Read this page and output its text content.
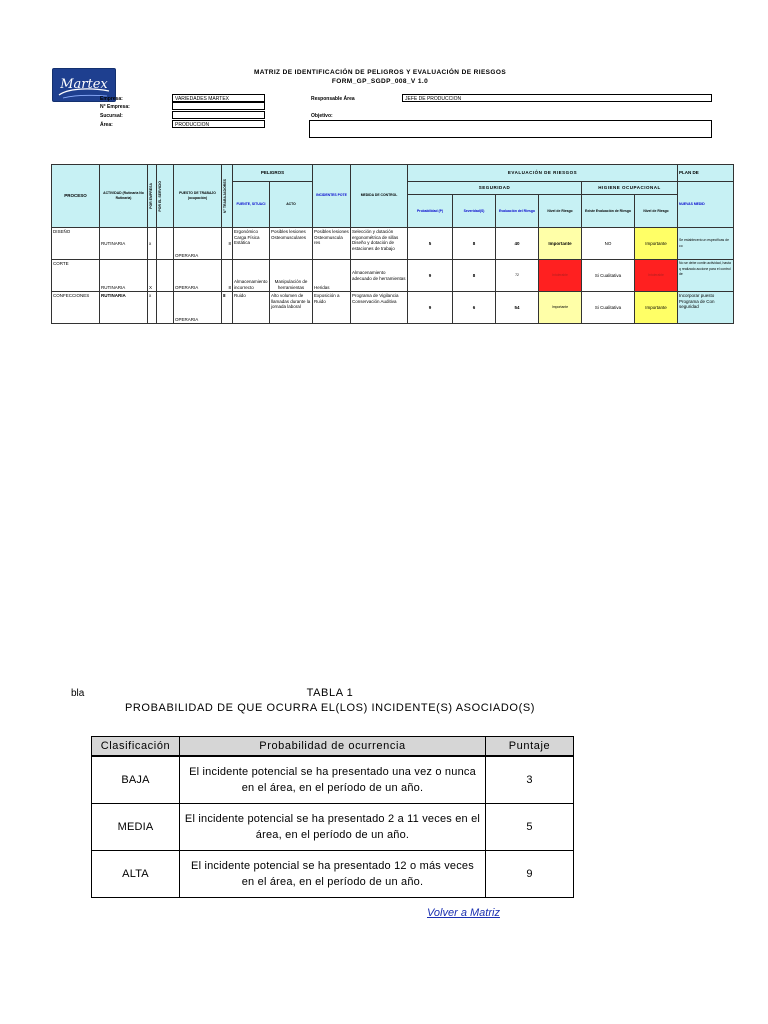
Martex
MATRIZ DE IDENTIFICACIÓN DE PELIGROS Y EVALUACIÓN DE RIESGOS
FORM_GP_SGDP_008_V 1.0
Empresa:	VARIEDADES MARTEX
N° Empresa:
Sucursal:
Área:	PRODUCCION
Responsable Área	JEFE DE PRODUCCION
Objetivo:
PROCESO	ACTIVIDAD (Rutinaria No Rutinaria)	POR EMPRESA	POR EL SERVICIO	PUESTO DE TRABAJO (ocupación)	N° TRABAJADORES	PELIGROS		INCIDENTES POTE	MEDIDA DE CONTROL	EVALUACIÓN DE RIESGOS						PLAN DE
						FUENTE, SITUACI	ACTO			SEGURIDAD				HIGIENE OCUPACIONAL		NUEVAS MEDID
										Probabilidad (P)	Severidad(S)	Evaluación del Riesgo	Nivel de Riesgo	Existe Evaluación de Riesgo	Nivel de Riesgo	
DISEÑO	RUTINARIA	x		OPERARIA	8	Ergonómico Carga Física Estática	Posibles lesiones Osteomusculares	Posibles lesiones Osteomuscula res	Selección y dotación ergonométrica de sillas Diseño y dotación de estaciones de trabajo	5	8	40	Importante	NO	Importante	Se establecerá un específicas de co
CORTE	RUTINARIA	X		OPERARIA	8	Almacenamiento incorrecto	Manipulación de herramientas	Heridas	Almacenamiento adecuado de herramientas	9	8	72	Intolerable	Si Cualitativa	Intolerable	No se debe contin actividad, hasta q realizado accione para el control de
CONFECCIONES	RUTINARIA	x		OPERARIA	8	Ruido	Alto volumen de llamadas durante la jornada laboral	Exposición a Ruido	Programa de Vigilancia Conservación Auditiva	9	6	54	Importante	Si Cualitativa	Importante	Incorporar puesto Programa de Con seguridad
bla	TABLA 1
PROBABILIDAD DE QUE OCURRA EL(LOS) INCIDENTE(S) ASOCIADO(S)
Clasificación	Probabilidad de ocurrencia	Puntaje
BAJA	El incidente potencial se ha presentado una vez o nunca en el área, en el período de un año.	3
MEDIA	El incidente potencial se ha presentado 2 a 11 veces en el área, en el período de un año.	5
ALTA	El incidente potencial se ha presentado 12 o más veces en el área, en el período de un año.	9
Volver a Matriz
